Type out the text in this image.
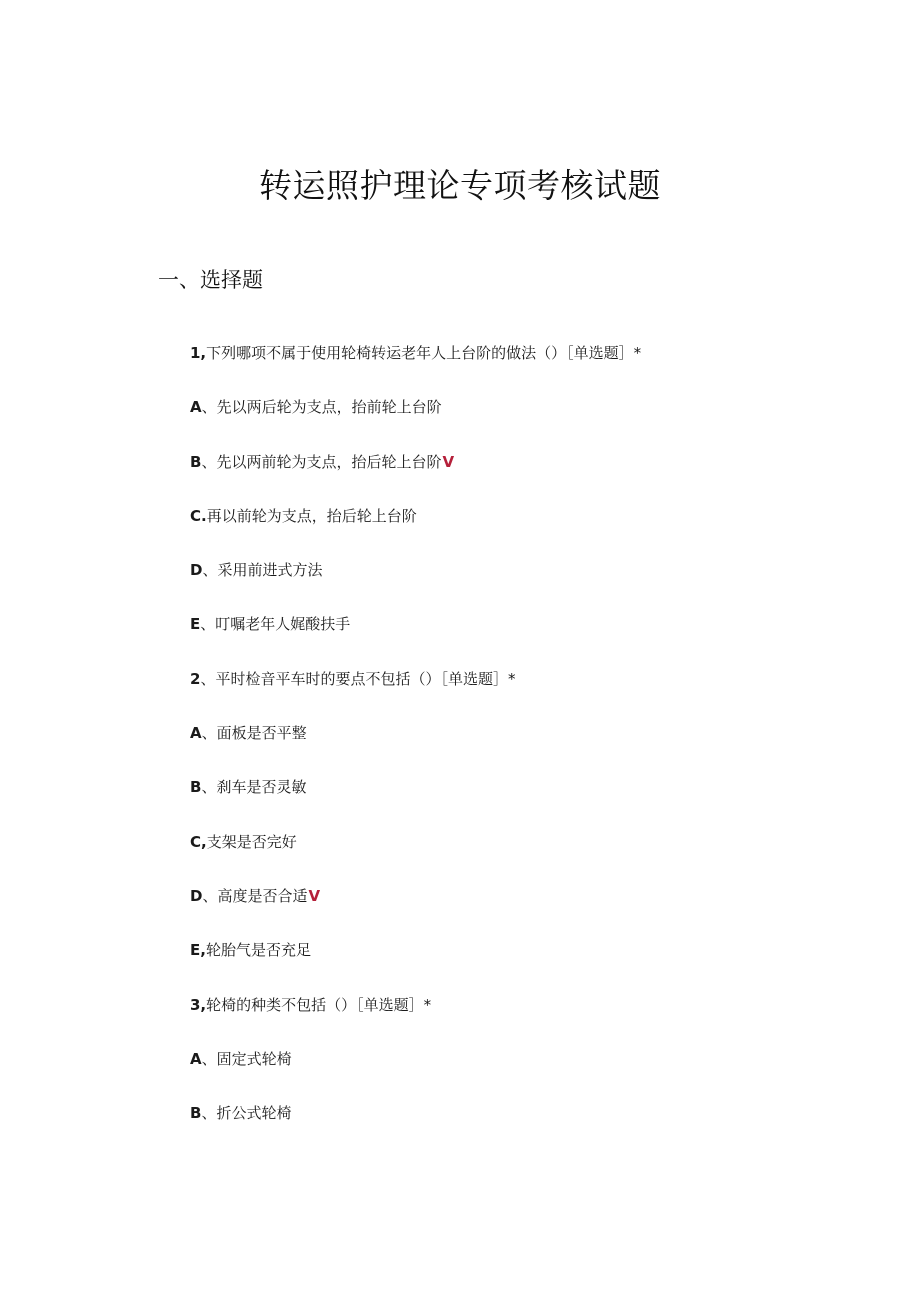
转运照护理论专项考核试题
一、选择题
1,下列哪项不属于使用轮椅转运老年人上台阶的做法（）［单选题］*
A、先以两后轮为支点，抬前轮上台阶
B、先以两前轮为支点，抬后轮上台阶V
C.再以前轮为支点，抬后轮上台阶
D、采用前进式方法
E、叮嘱老年人娓酸扶手
2、平时检音平车时的要点不包括（）［单选题］*
A、面板是否平整
B、刹车是否灵敏
C,支架是否完好
D、高度是否合适V
E,轮胎气是否充足
3,轮椅的种类不包括（）［单选题］*
A、固定式轮椅
B、折公式轮椅
